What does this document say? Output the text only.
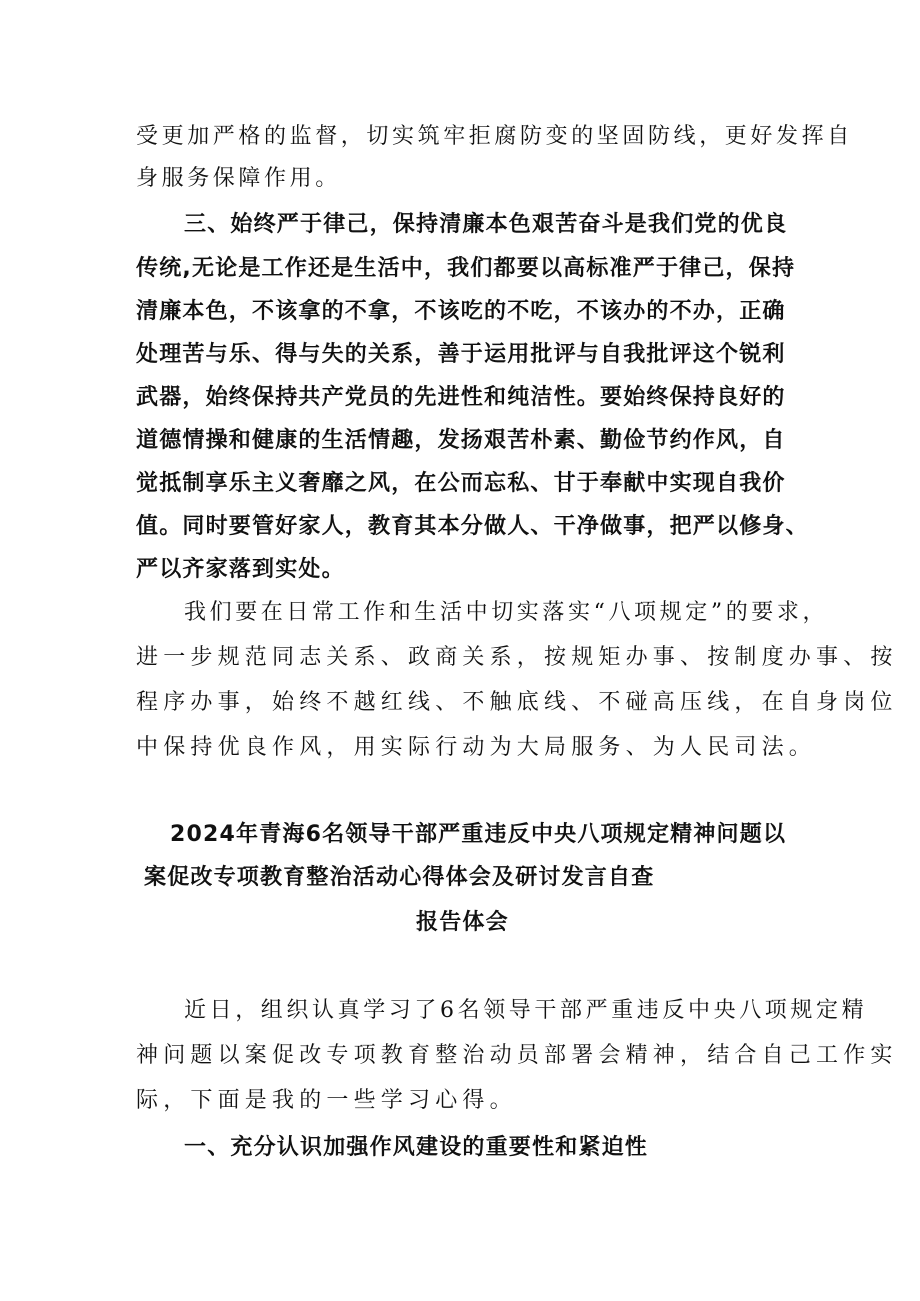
受更加严格的监督，切实筑牢拒腐防变的坚固防线，更好发挥自
身服务保障作用。
三、始终严于律己，保持清廉本色艰苦奋斗是我们党的优良
传统,无论是工作还是生活中，我们都要以高标准严于律己，保持
清廉本色，不该拿的不拿，不该吃的不吃，不该办的不办，正确
处理苦与乐、得与失的关系，善于运用批评与自我批评这个锐利
武器，始终保持共产党员的先进性和纯洁性。要始终保持良好的
道德情操和健康的生活情趣，发扬艰苦朴素、勤俭节约作风，自
觉抵制享乐主义奢靡之风，在公而忘私、甘于奉献中实现自我价
值。同时要管好家人，教育其本分做人、干净做事，把严以修身、
严以齐家落到实处。
我们要在日常工作和生活中切实落实“八项规定”的要求，
进一步规范同志关系、政商关系，按规矩办事、按制度办事、按
程序办事，始终不越红线、不触底线、不碰高压线，在自身岗位
中保持优良作风，用实际行动为大局服务、为人民司法。
2024年青海6名领导干部严重违反中央八项规定精神问题以
案促改专项教育整治活动心得体会及研讨发言自查
报告体会
近日，组织认真学习了6名领导干部严重违反中央八项规定精
神问题以案促改专项教育整治动员部署会精神，结合自己工作实
际，下面是我的一些学习心得。
一、充分认识加强作风建设的重要性和紧迫性
